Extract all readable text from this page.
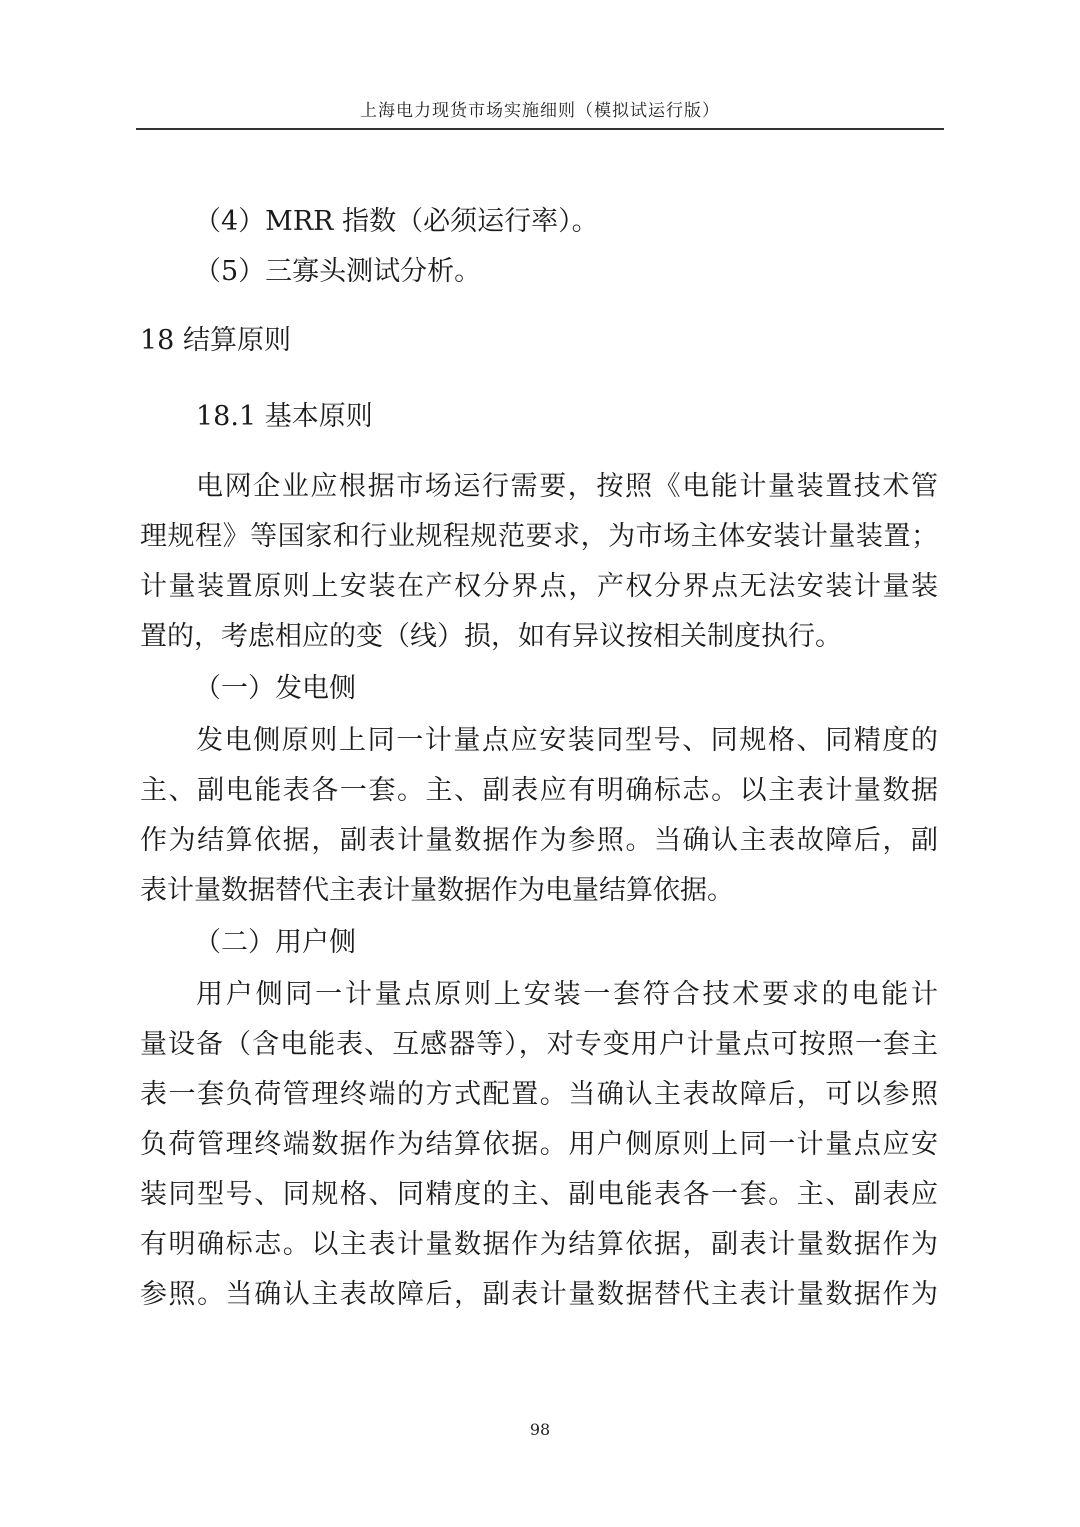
上海电力现货市场实施细则（模拟试运行版）
（4）MRR 指数（必须运行率）。
（5）三寡头测试分析。
18 结算原则
18.1 基本原则
电网企业应根据市场运行需要，按照《电能计量装置技术管
理规程》等国家和行业规程规范要求，为市场主体安装计量装置；
计量装置原则上安装在产权分界点，产权分界点无法安装计量装
置的，考虑相应的变（线）损，如有异议按相关制度执行。
（一）发电侧
发电侧原则上同一计量点应安装同型号、同规格、同精度的
主、副电能表各一套。主、副表应有明确标志。以主表计量数据
作为结算依据，副表计量数据作为参照。当确认主表故障后，副
表计量数据替代主表计量数据作为电量结算依据。
（二）用户侧
用户侧同一计量点原则上安装一套符合技术要求的电能计
量设备（含电能表、互感器等），对专变用户计量点可按照一套主
表一套负荷管理终端的方式配置。当确认主表故障后，可以参照
负荷管理终端数据作为结算依据。用户侧原则上同一计量点应安
装同型号、同规格、同精度的主、副电能表各一套。主、副表应
有明确标志。以主表计量数据作为结算依据，副表计量数据作为
参照。当确认主表故障后，副表计量数据替代主表计量数据作为
98
